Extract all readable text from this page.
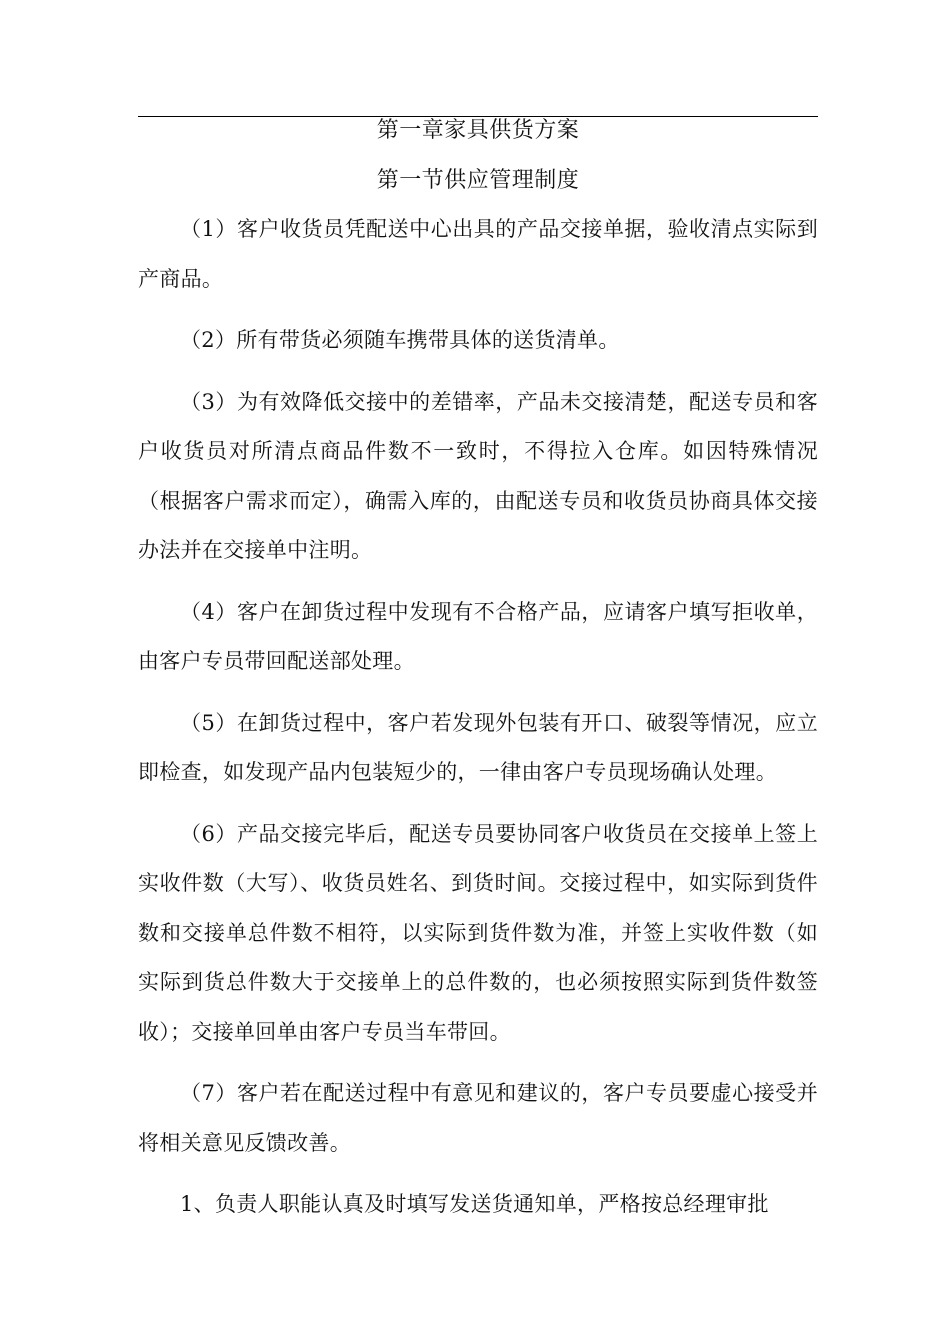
第一章家具供货方案
第一节供应管理制度

（1）客户收货员凭配送中心出具的产品交接单据，验收清点实际到产商品。

（2）所有带货必须随车携带具体的送货清单。

（3）为有效降低交接中的差错率，产品未交接清楚，配送专员和客户收货员对所清点商品件数不一致时，不得拉入仓库。如因特殊情况（根据客户需求而定），确需入库的，由配送专员和收货员协商具体交接办法并在交接单中注明。

（4）客户在卸货过程中发现有不合格产品，应请客户填写拒收单，由客户专员带回配送部处理。

（5）在卸货过程中，客户若发现外包装有开口、破裂等情况，应立即检查，如发现产品内包装短少的，一律由客户专员现场确认处理。

（6）产品交接完毕后，配送专员要协同客户收货员在交接单上签上实收件数（大写）、收货员姓名、到货时间。交接过程中，如实际到货件数和交接单总件数不相符，以实际到货件数为准，并签上实收件数（如实际到货总件数大于交接单上的总件数的，也必须按照实际到货件数签收）；交接单回单由客户专员当车带回。

（7）客户若在配送过程中有意见和建议的，客户专员要虚心接受并将相关意见反馈改善。

1、负责人职能认真及时填写发送货通知单，严格按总经理审批
